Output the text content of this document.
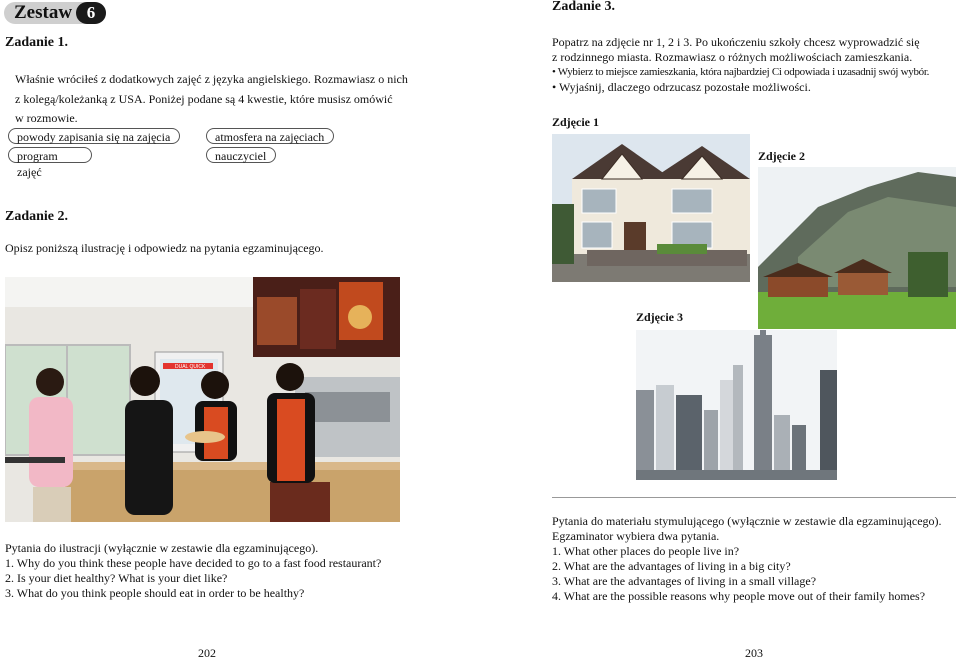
Zestaw 6
Zadanie 1.
Właśnie wróciłeś z dodatkowych zajęć z języka angielskiego. Rozmawiasz o nich
z kolegą/koleżanką z USA. Poniżej podane są 4 kwestie, które musisz omówić
w rozmowie.
powody zapisania się na zajęcia	atmosfera na zajęciach
program zajęć
nauczyciel
Zadanie 2.
Opisz poniższą ilustrację i odpowiedz na pytania egzaminującego.
DUAL QUICK
Pytania do ilustracji (wyłącznie w zestawie dla egzaminującego).
1. Why do you think these people have decided to go to a fast food restaurant?
2. Is your diet healthy? What is your diet like?
3. What do you think people should eat in order to be healthy?
202
Zadanie 3.
Popatrz na zdjęcie nr 1, 2 i 3. Po ukończeniu szkoły chcesz wyprowadzić się
z rodzinnego miasta. Rozmawiasz o różnych możliwościach zamieszkania.
• Wybierz to miejsce zamieszkania, która najbardziej Ci odpowiada i uzasadnij swój wybór.
• Wyjaśnij, dlaczego odrzucasz pozostałe możliwości.
Zdjęcie 1
Zdjęcie 2
Zdjęcie 3
Pytania do materiału stymulującego (wyłącznie w zestawie dla egzaminującego).
Egzaminator wybiera dwa pytania.
1. What other places do people live in?
2. What are the advantages of living in a big city?
3. What are the advantages of living in a small village?
4. What are the possible reasons why people move out of their family homes?
203
